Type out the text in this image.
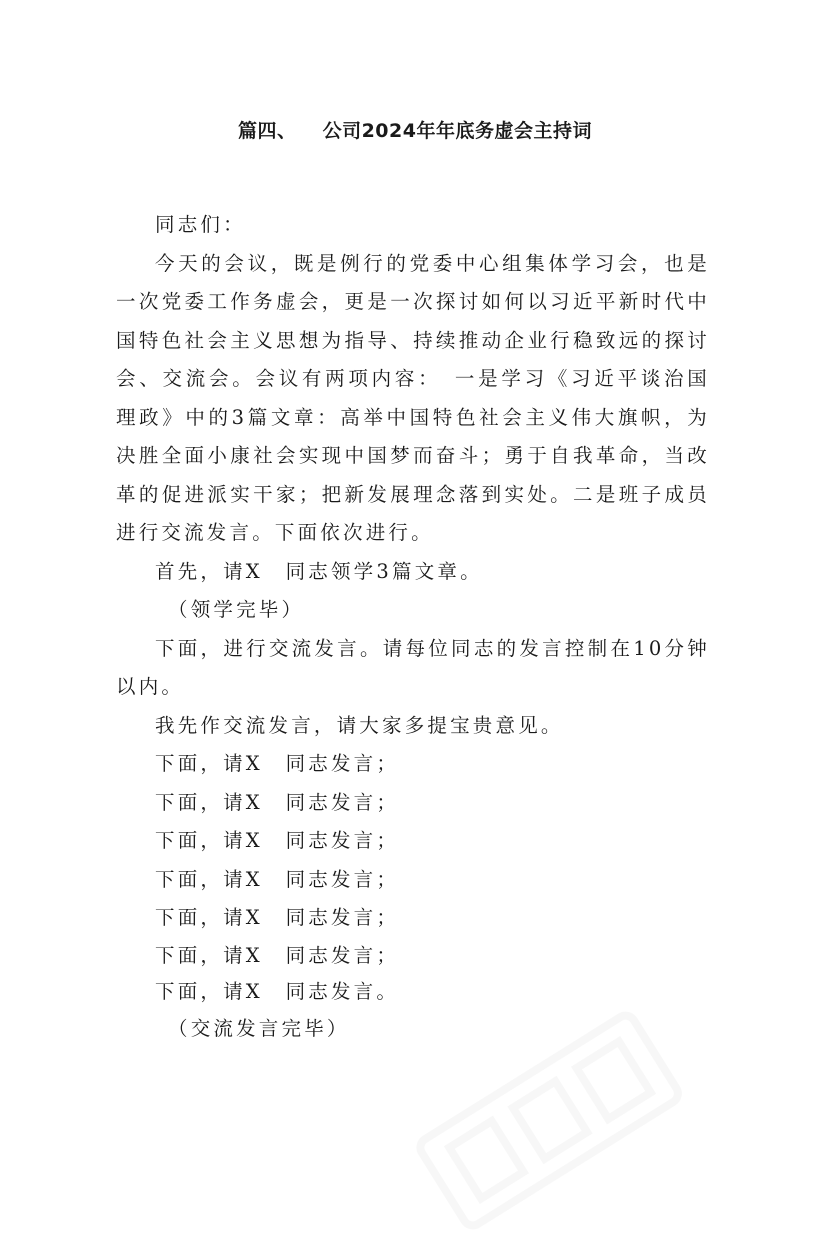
篇四、 公司2024年年底务虚会主持词

同志们：

今天的会议，既是例行的党委中心组集体学习会，也是一次党委工作务虚会，更是一次探讨如何以习近平新时代中国特色社会主义思想为指导、持续推动企业行稳致远的探讨会、交流会。会议有两项内容：　一是学习《习近平谈治国理政》中的3篇文章：高举中国特色社会主义伟大旗帜，为决胜全面小康社会实现中国梦而奋斗；勇于自我革命，当改革的促进派实干家；把新发展理念落到实处。二是班子成员进行交流发言。下面依次进行。

首先，请X　同志领学3篇文章。

（领学完毕）

下面，进行交流发言。请每位同志的发言控制在10分钟以内。

我先作交流发言，请大家多提宝贵意见。

下面，请X　同志发言；

下面，请X　同志发言；

下面，请X　同志发言；

下面，请X　同志发言；

下面，请X　同志发言；

下面，请X　同志发言；

下面，请X　同志发言。

（交流发言完毕）
